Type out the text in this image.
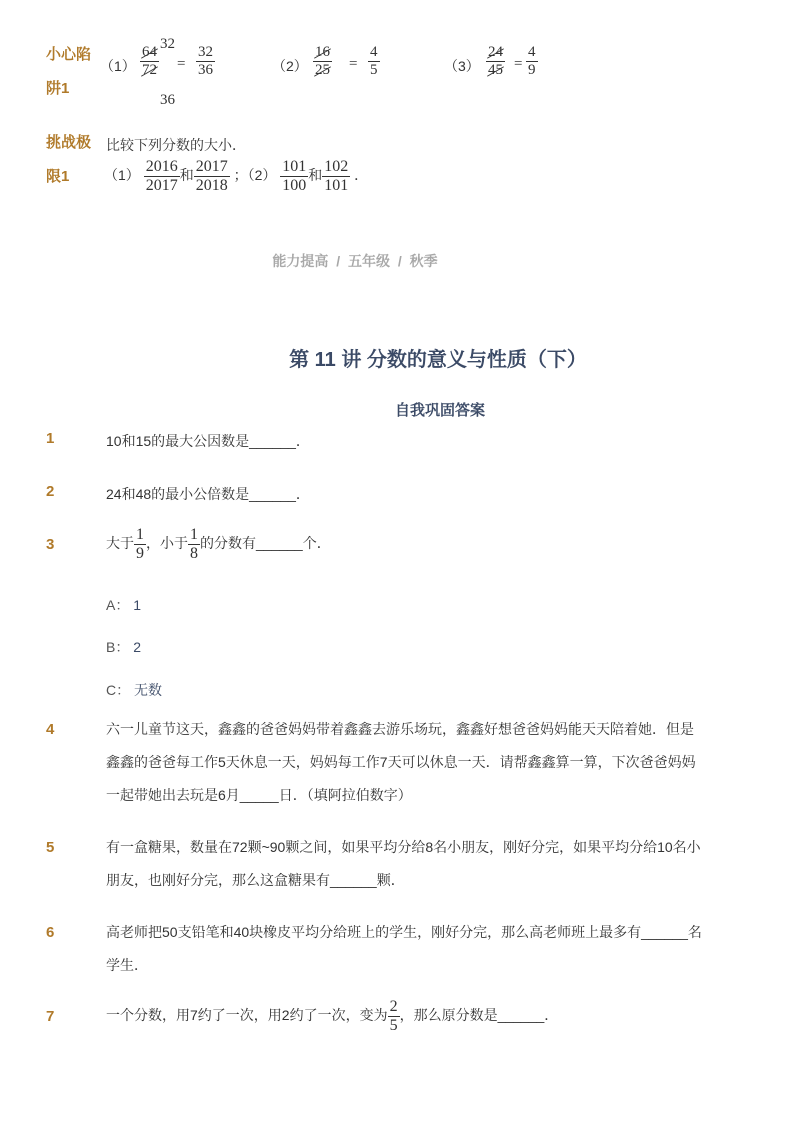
小心陷
阱1
（1）
32
$\frac{64}{72}$
36
= $\frac{32}{36}$	$(2) \frac{16}{25} = \frac{4}{5}$	$(3) \frac{24}{45} = \frac{4}{9}$
挑战极
限1
比较下列分数的大小．
$(1) \frac{2016}{2017}$ 和 $\frac{2017}{2018}$ ；$(2) \frac{101}{100}$ 和 $\frac{102}{101}$ ．
能力提高 / 五年级 / 秋季
第 11 讲 分数的意义与性质（下）
自我巩固答案
1	10和15的最大公因数是______．
2	24和48的最小公倍数是______．
3	大于 $\frac{1}{9}$ ，小于 $\frac{1}{8}$ 的分数有______个．
A： 1
B： 2
C： 无数
4	六一儿童节这天，鑫鑫的爸爸妈妈带着鑫鑫去游乐场玩，鑫鑫好想爸爸妈妈能天天陪着她．但是
鑫鑫的爸爸每工作5天休息一天，妈妈每工作7天可以休息一天．请帮鑫鑫算一算，下次爸爸妈妈
一起带她出去玩是6月_____日．（填阿拉伯数字）
5	有一盒糖果，数量在72颗~90颗之间，如果平均分给8名小朋友，刚好分完，如果平均分给10名小
朋友，也刚好分完，那么这盒糖果有______颗．
6	高老师把50支铅笔和40块橡皮平均分给班上的学生，刚好分完，那么高老师班上最多有______名
学生．
7	一个分数，用7约了一次，用2约了一次，变为 $\frac{2}{5}$ ，那么原分数是______．
